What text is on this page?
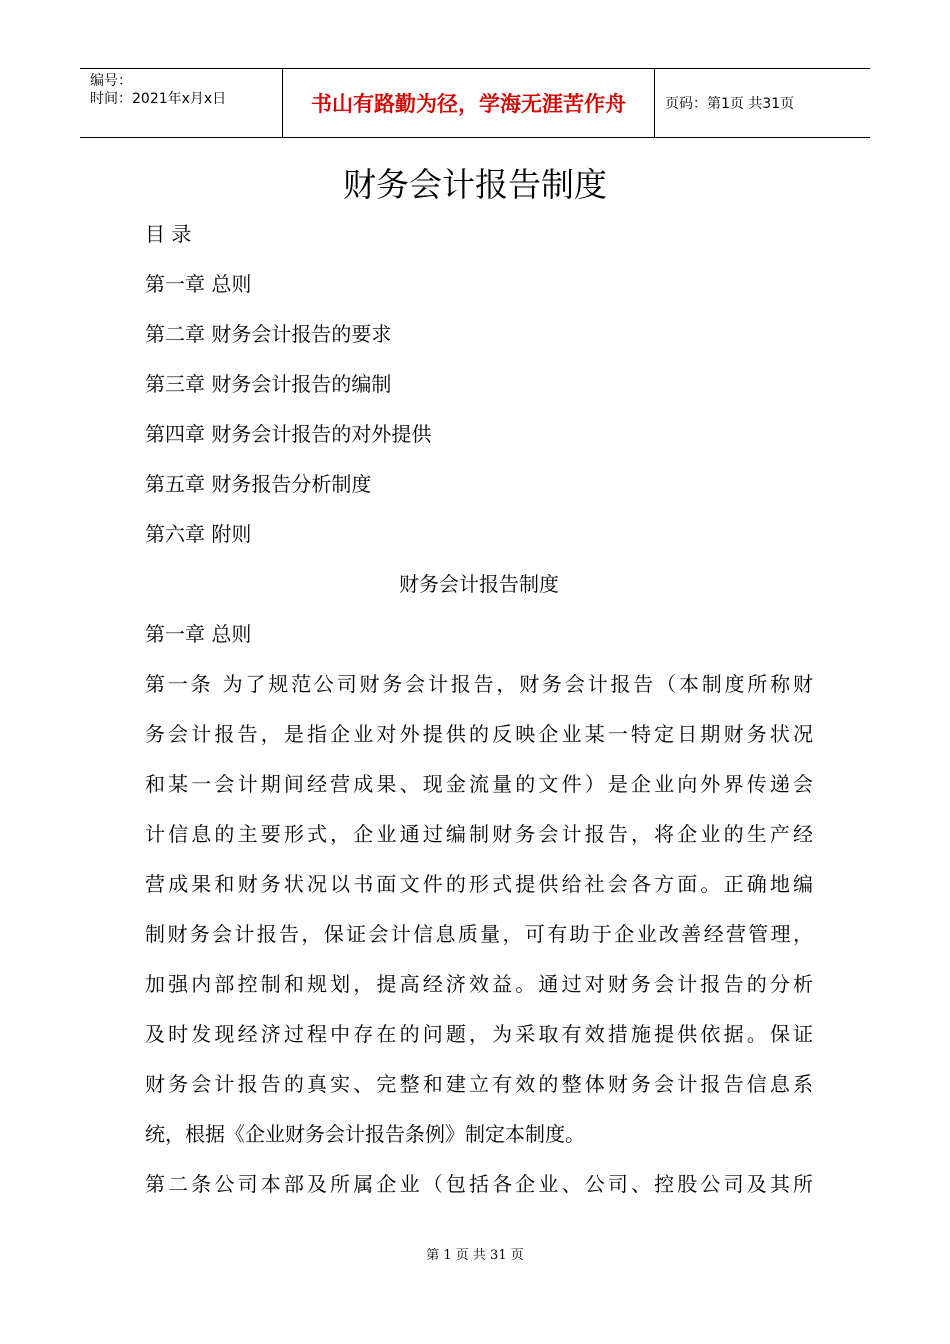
编号：
时间：2021年x月x日	书山有路勤为径，学海无涯苦作舟	页码：第1页 共31页
财务会计报告制度
目 录
第一章 总则
第二章 财务会计报告的要求
第三章 财务会计报告的编制
第四章 财务会计报告的对外提供
第五章 财务报告分析制度
第六章 附则
财务会计报告制度
第一章 总则
第一条 为了规范公司财务会计报告，财务会计报告（本制度所称财
务会计报告，是指企业对外提供的反映企业某一特定日期财务状况
和某一会计期间经营成果、现金流量的文件）是企业向外界传递会
计信息的主要形式，企业通过编制财务会计报告，将企业的生产经
营成果和财务状况以书面文件的形式提供给社会各方面。正确地编
制财务会计报告，保证会计信息质量，可有助于企业改善经营管理，
加强内部控制和规划，提高经济效益。通过对财务会计报告的分析
及时发现经济过程中存在的问题，为采取有效措施提供依据。保证
财务会计报告的真实、完整和建立有效的整体财务会计报告信息系
统，根据《企业财务会计报告条例》制定本制度。
第二条公司本部及所属企业（包括各企业、公司、控股公司及其所
第 1 页 共 31 页
